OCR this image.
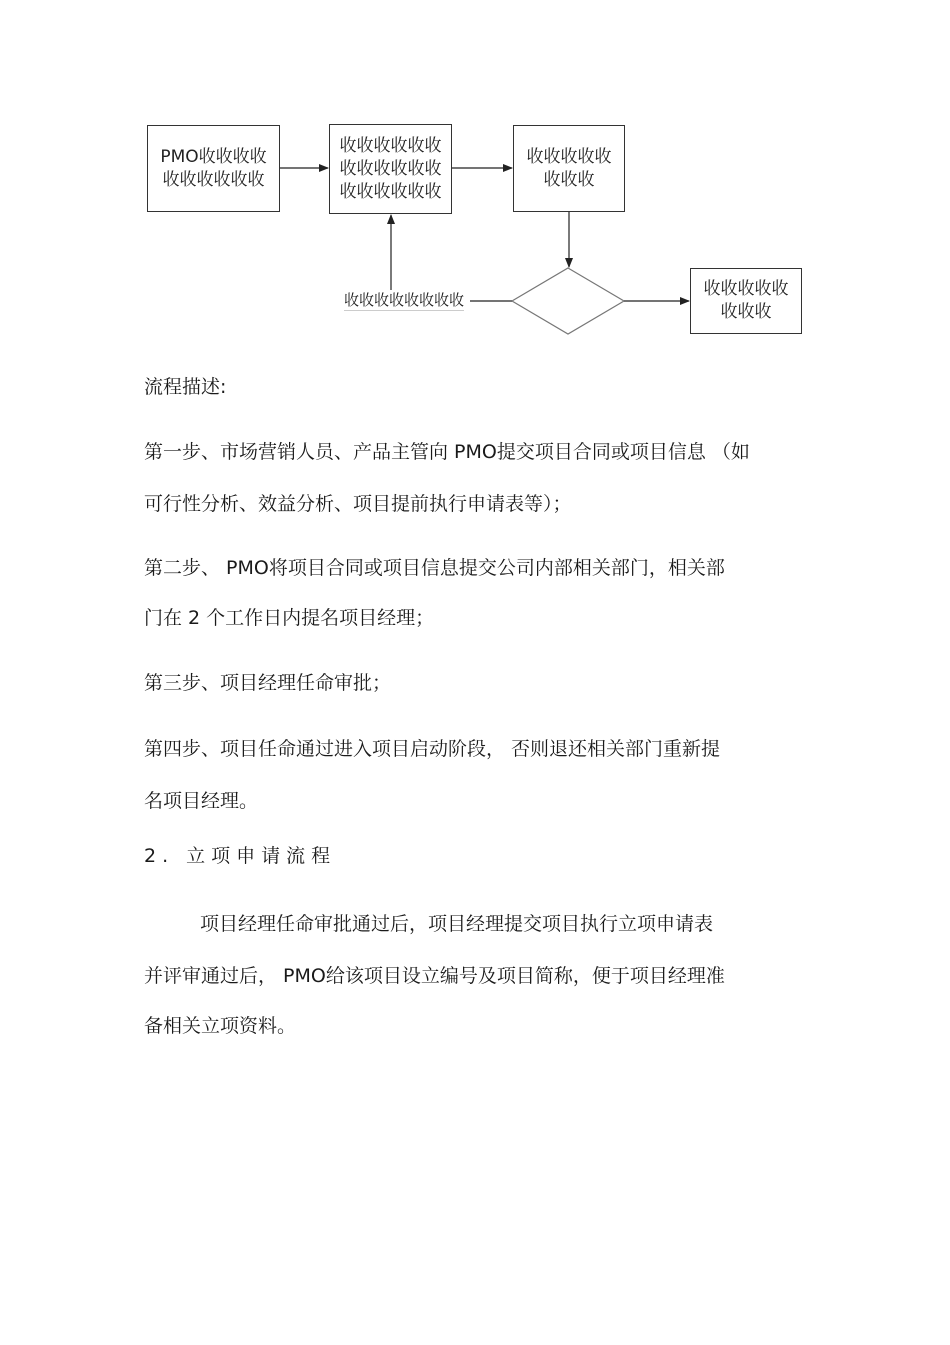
PMO收收收收
收收收收收收
收收收收收收
收收收收收收
收收收收收收
收收收收收
收收收
收收收收收
收收收
收收收收收收收收
流程描述:
第一步、市场营销人员、产品主管向 PMO提交项目合同或项目信息 （如
可行性分析、效益分析、项目提前执行申请表等）；
第二步、 PMO将项目合同或项目信息提交公司内部相关部门，相关部
门在 2 个工作日内提名项目经理；
第三步、项目经理任命审批；
第四步、项目任命通过进入项目启动阶段， 否则退还相关部门重新提
名项目经理。
2. 立项申请流程
项目经理任命审批通过后，项目经理提交项目执行立项申请表
并评审通过后， PMO给该项目设立编号及项目简称，便于项目经理准
备相关立项资料。
